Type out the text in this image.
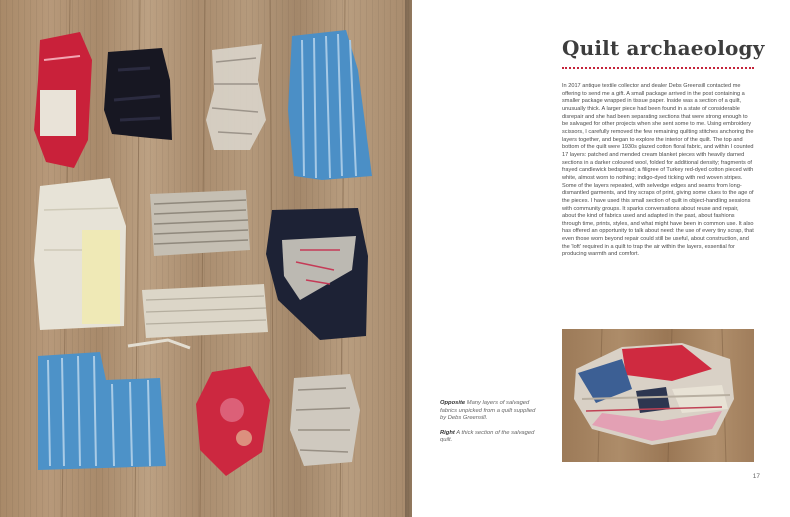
Quilt archaeology
In 2017 antique textile collector and dealer Debs Greensill contacted me offering to send me a gift. A small package arrived in the post containing a smaller package wrapped in tissue paper. Inside was a section of a quilt, unusually thick. A larger piece had been found in a state of considerable disrepair and she had been separating sections that were strong enough to be salvaged for other projects when she sent some to me. Using embroidery scissors, I carefully removed the few remaining quilting stitches anchoring the layers together, and began to explore the interior of the quilt. The top and bottom of the quilt were 1930s glazed cotton floral fabric, and within I counted 17 layers: patched and mended cream blanket pieces with heavily darned sections in a darker coloured wool, folded for additional density; fragments of frayed candlewick bedspread; a filigree of Turkey red-dyed cotton pieced with white, almost worn to nothing; indigo-dyed ticking with red woven stripes. Some of the layers repeated, with selvedge edges and seams from long-dismantled garments, and tiny scraps of print, giving some clues to the age of the pieces. I have used this small section of quilt in object-handling sessions with community groups. It sparks conversations about reuse and repair, about the kind of fabrics used and adapted in the past, about fashions through time, prints, styles, and what might have been in common use. It also has offered an opportunity to talk about need: the use of every tiny scrap, that even those worn beyond repair could still be useful, about construction, and the 'loft' required in a quilt to trap the air within the layers, essential for producing warmth and comfort.

Opposite Many layers of salvaged fabrics unpicked from a quilt supplied by Debs Greensill.

Right A thick section of the salvaged quilt.

17
